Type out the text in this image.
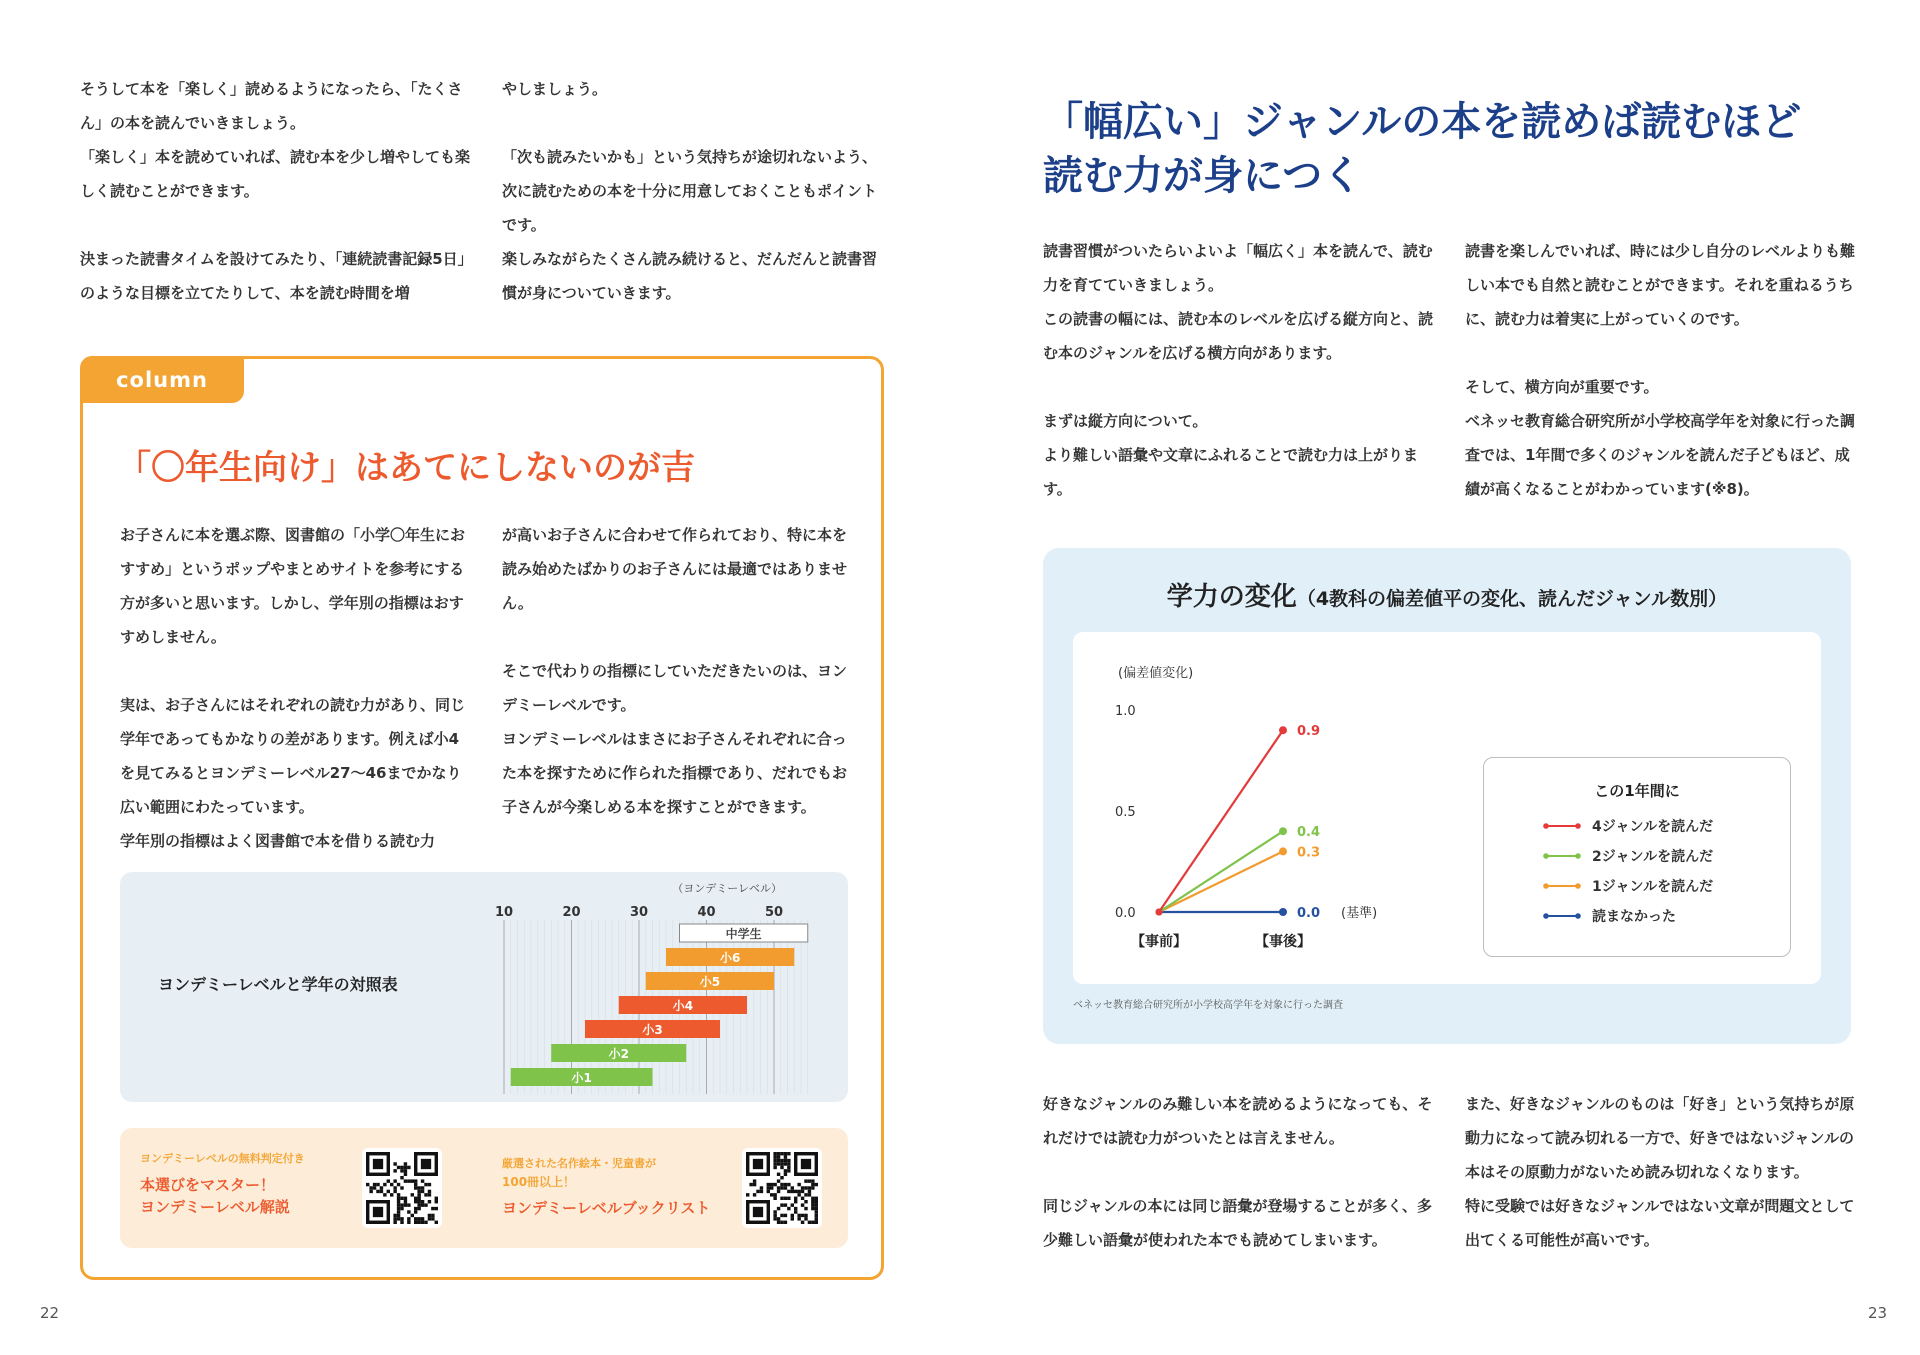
そうして本を「楽しく」読めるようになったら、「たくさん」の本を読んでいきましょう。

「楽しく」本を読めていれば、読む本を少し増やしても楽しく読むことができます。

決まった読書タイムを設けてみたり、「連続読書記録5日」のような目標を立てたりして、本を読む時間を増

やしましょう。

「次も読みたいかも」という気持ちが途切れないよう、次に読むための本を十分に用意しておくこともポイントです。

楽しみながらたくさん読み続けると、だんだんと読書習慣が身についていきます。

column
「〇年生向け」はあてにしないのが吉

お子さんに本を選ぶ際、図書館の「小学〇年生におすすめ」というポップやまとめサイトを参考にする方が多いと思います。しかし、学年別の指標はおすすめしません。

実は、お子さんにはそれぞれの読む力があり、同じ学年であってもかなりの差があります。例えば小4を見てみるとヨンデミーレベル27〜46までかなり広い範囲にわたっています。

学年別の指標はよく図書館で本を借りる読む力

が高いお子さんに合わせて作られており、特に本を読み始めたばかりのお子さんには最適ではありません。

そこで代わりの指標にしていただきたいのは、ヨンデミーレベルです。

ヨンデミーレベルはまさにお子さんそれぞれに合った本を探すために作られた指標であり、だれでもお子さんが今楽しめる本を探すことができます。

ヨンデミーレベルと学年の対照表
（ヨンデミーレベル）
10	20	30	40	50
中学生
小6
小5
小4
小3
小2
小1
ヨンデミーレベルの無料判定付き
本選びをマスター！
ヨンデミーレベル解説
厳選された名作絵本・児童書が
100冊以上！
ヨンデミーレベルブックリスト
22
「幅広い」ジャンルの本を読めば読むほど
読む力が身につく

読書習慣がついたらいよいよ「幅広く」本を読んで、読む力を育てていきましょう。

この読書の幅には、読む本のレベルを広げる縦方向と、読む本のジャンルを広げる横方向があります。

まずは縦方向について。

より難しい語彙や文章にふれることで読む力は上がります。

読書を楽しんでいれば、時には少し自分のレベルよりも難しい本でも自然と読むことができます。それを重ねるうちに、読む力は着実に上がっていくのです。

そして、横方向が重要です。

ベネッセ教育総合研究所が小学校高学年を対象に行った調査では、1年間で多くのジャンルを読んだ子どもほど、成績が高くなることがわかっています(※8)。

学力の変化（4教科の偏差値平の変化、読んだジャンル数別）
(偏差値変化)
0.0
0.5
1.0
【事前】	【事後】
0.0
0.3
0.4
0.9
(基準)
この1年間に
4ジャンルを読んだ
2ジャンルを読んだ
1ジャンルを読んだ
読まなかった
ベネッセ教育総合研究所が小学校高学年を対象に行った調査

好きなジャンルのみ難しい本を読めるようになっても、それだけでは読む力がついたとは言えません。

同じジャンルの本には同じ語彙が登場することが多く、多少難しい語彙が使われた本でも読めてしまいます。

また、好きなジャンルのものは「好き」という気持ちが原動力になって読み切れる一方で、好きではないジャンルの本はその原動力がないため読み切れなくなります。

特に受験では好きなジャンルではない文章が問題文として出てくる可能性が高いです。

23
